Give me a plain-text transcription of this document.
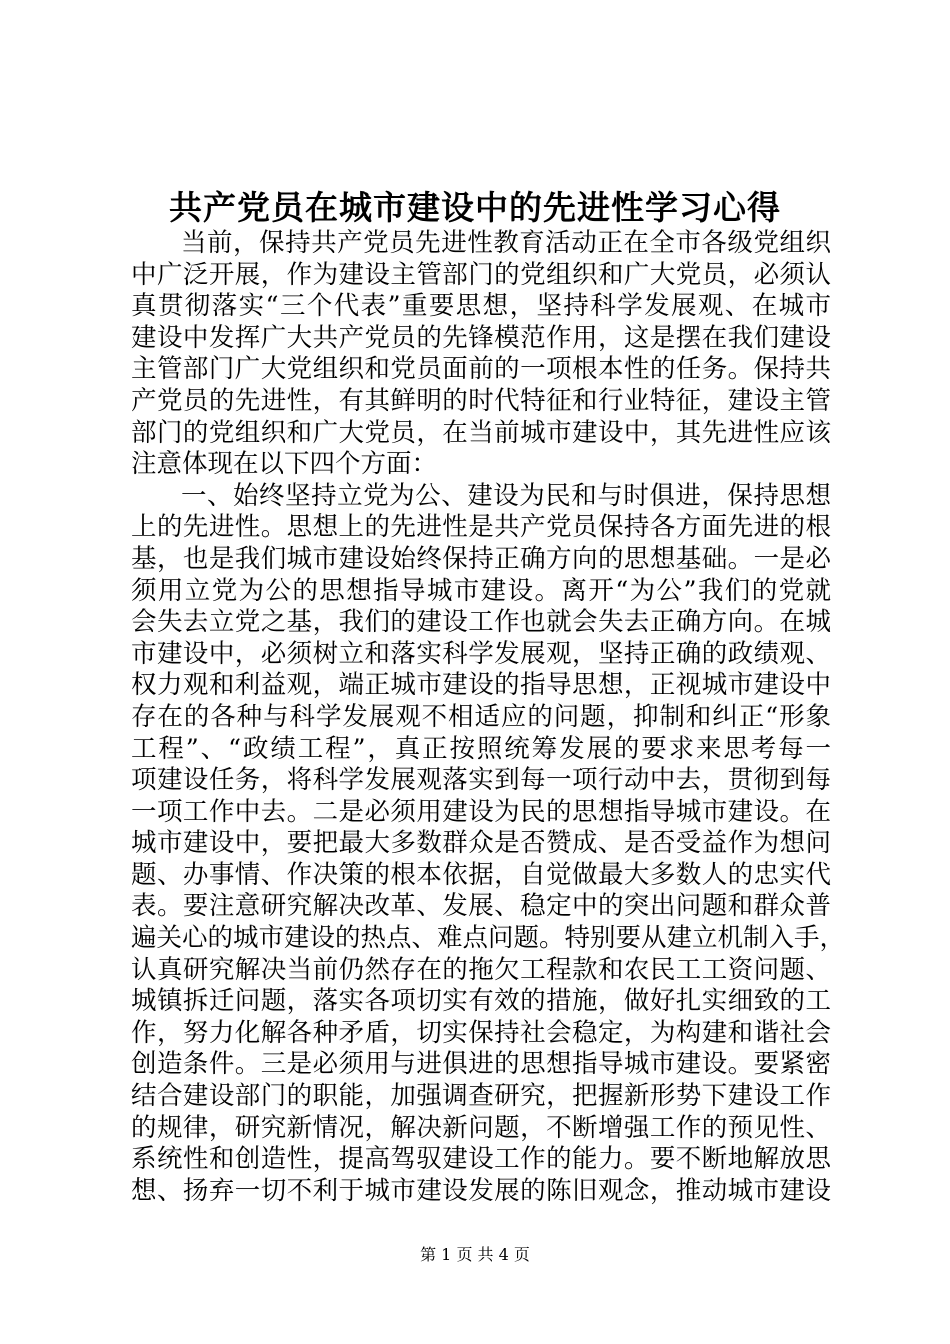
共产党员在城市建设中的先进性学习心得
当前，保持共产党员先进性教育活动正在全市各级党组织
中广泛开展，作为建设主管部门的党组织和广大党员，必须认
真贯彻落实“三个代表”重要思想，坚持科学发展观、在城市
建设中发挥广大共产党员的先锋模范作用，这是摆在我们建设
主管部门广大党组织和党员面前的一项根本性的任务。保持共
产党员的先进性，有其鲜明的时代特征和行业特征，建设主管
部门的党组织和广大党员，在当前城市建设中，其先进性应该
注意体现在以下四个方面：
一、始终坚持立党为公、建设为民和与时俱进，保持思想
上的先进性。思想上的先进性是共产党员保持各方面先进的根
基，也是我们城市建设始终保持正确方向的思想基础。一是必
须用立党为公的思想指导城市建设。离开“为公”我们的党就
会失去立党之基，我们的建设工作也就会失去正确方向。在城
市建设中，必须树立和落实科学发展观，坚持正确的政绩观、
权力观和利益观，端正城市建设的指导思想，正视城市建设中
存在的各种与科学发展观不相适应的问题，抑制和纠正“形象
工程”、“政绩工程”，真正按照统筹发展的要求来思考每一
项建设任务，将科学发展观落实到每一项行动中去，贯彻到每
一项工作中去。二是必须用建设为民的思想指导城市建设。在
城市建设中，要把最大多数群众是否赞成、是否受益作为想问
题、办事情、作决策的根本依据，自觉做最大多数人的忠实代
表。要注意研究解决改革、发展、稳定中的突出问题和群众普
遍关心的城市建设的热点、难点问题。特别要从建立机制入手，
认真研究解决当前仍然存在的拖欠工程款和农民工工资问题、
城镇拆迁问题，落实各项切实有效的措施，做好扎实细致的工
作，努力化解各种矛盾，切实保持社会稳定，为构建和谐社会
创造条件。三是必须用与进俱进的思想指导城市建设。要紧密
结合建设部门的职能，加强调查研究，把握新形势下建设工作
的规律，研究新情况，解决新问题，不断增强工作的预见性、
系统性和创造性，提高驾驭建设工作的能力。要不断地解放思
想、扬弃一切不利于城市建设发展的陈旧观念，推动城市建设
第 1 页 共 4 页
